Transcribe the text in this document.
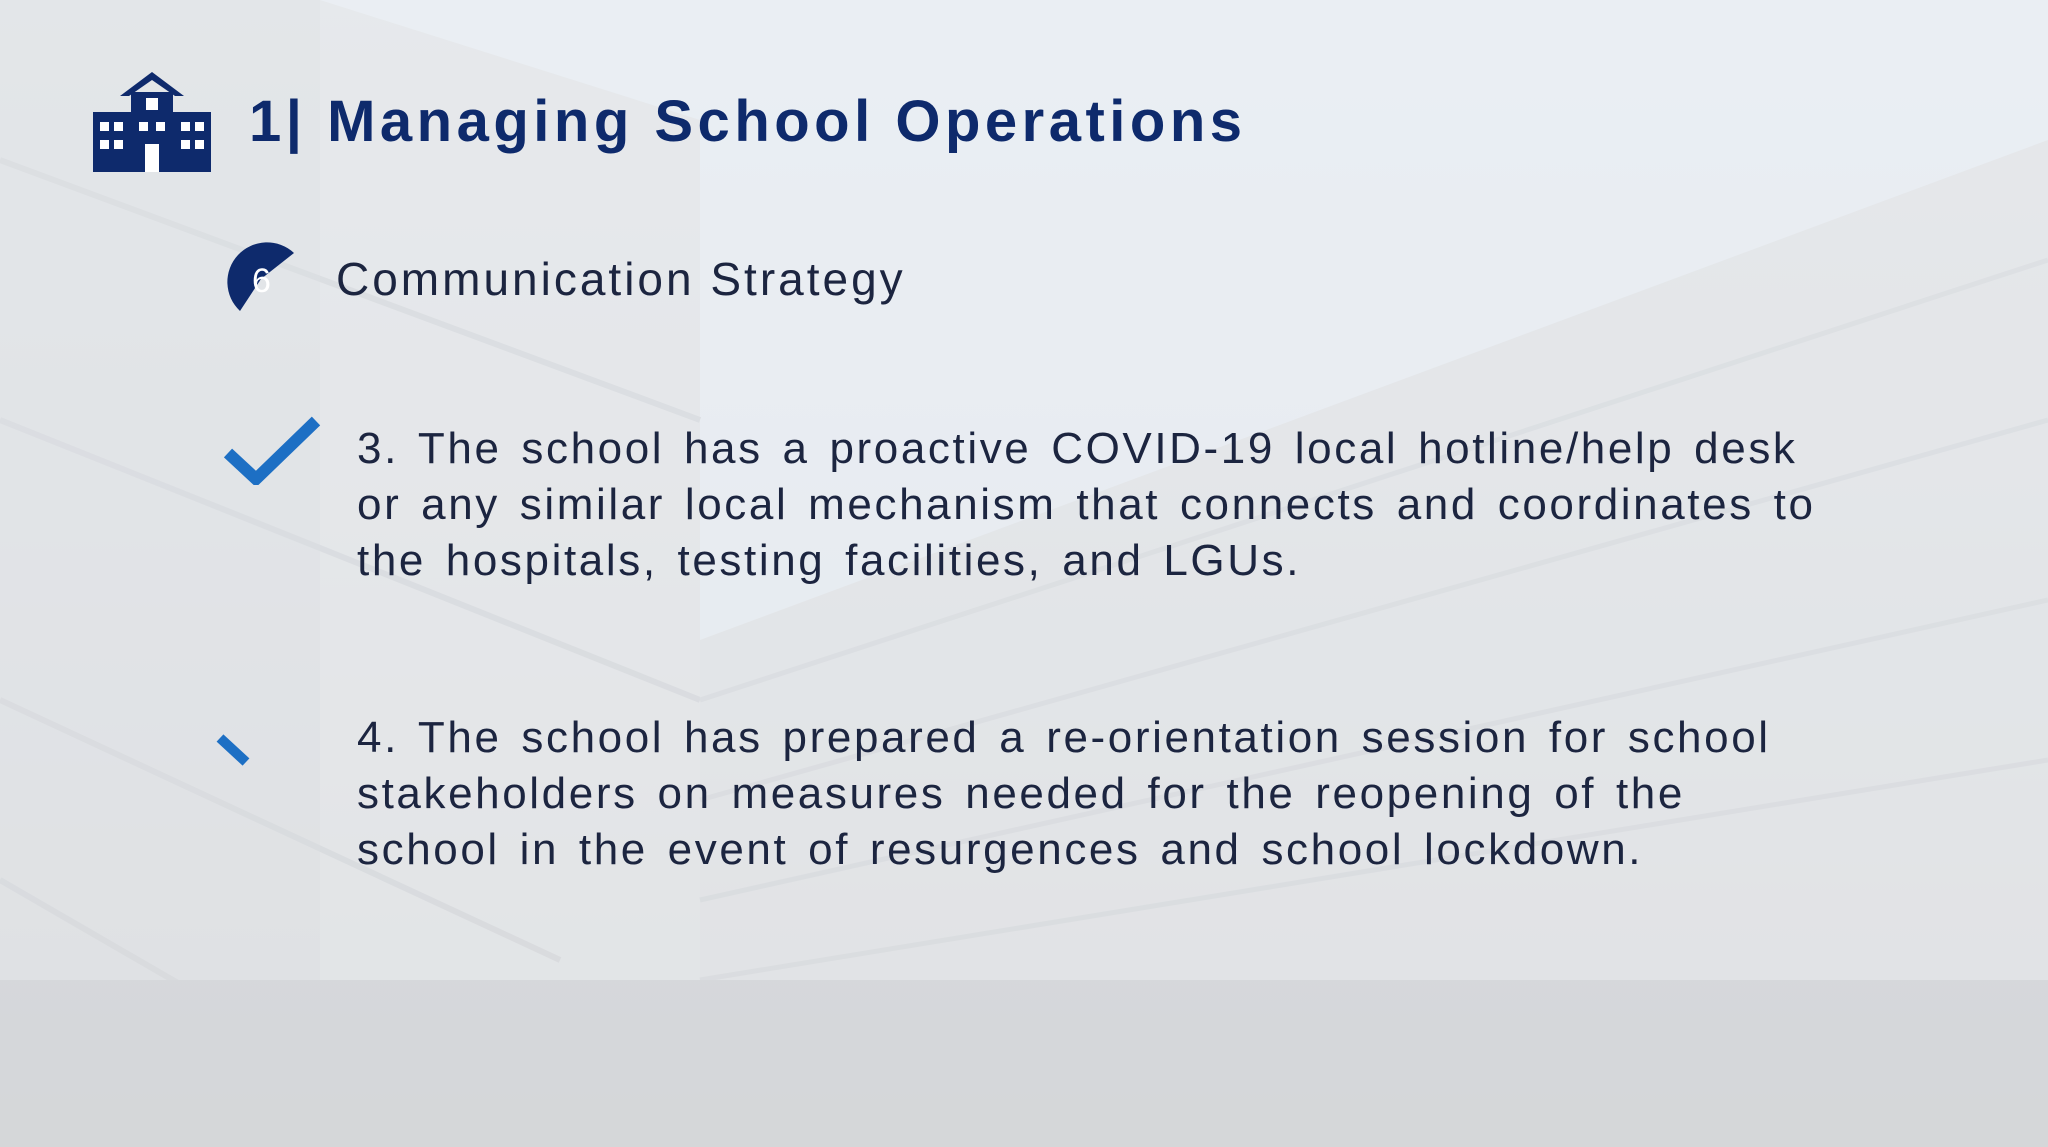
1| Managing School Operations
6 Communication Strategy

3. The school has a proactive COVID-19 local hotline/help desk or any similar local mechanism that connects and coordinates to the hospitals, testing facilities, and LGUs.

4. The school has prepared a re-orientation session for school stakeholders on measures needed for the reopening of the school in the event of resurgences and school lockdown.
